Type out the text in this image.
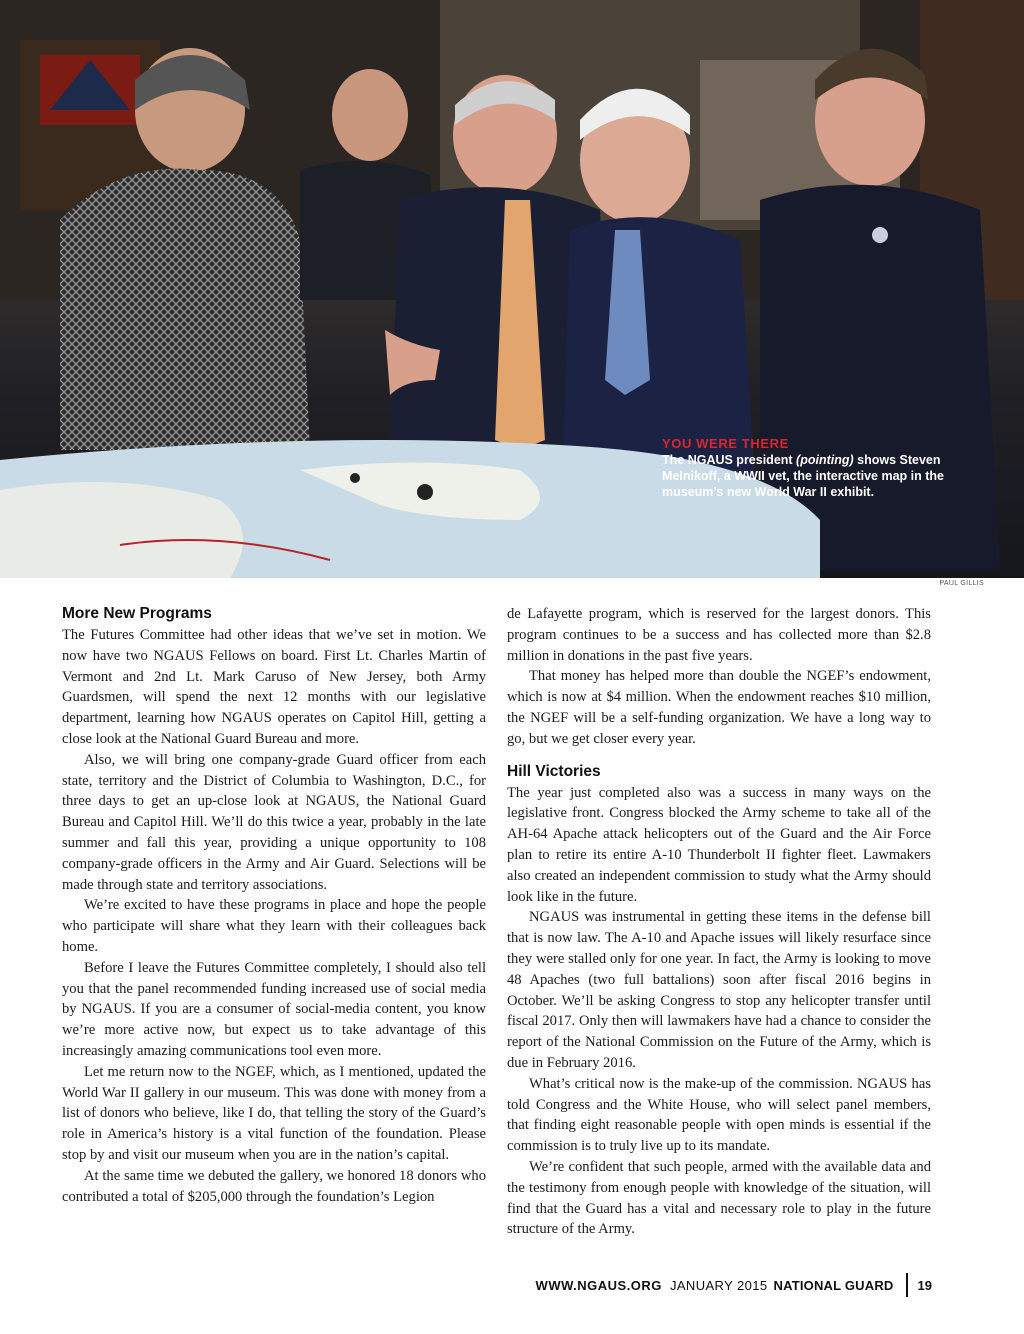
YOU WERE THERE
The NGAUS president (pointing) shows Steven Melnikoff, a WWII vet, the interactive map in the museum’s new World War II exhibit.
PAUL GILLIS
More New Programs

The Futures Committee had other ideas that we’ve set in motion. We now have two NGAUS Fellows on board. First Lt. Charles Martin of Vermont and 2nd Lt. Mark Caruso of New Jersey, both Army Guardsmen, will spend the next 12 months with our legislative department, learning how NGAUS operates on Capitol Hill, getting a close look at the National Guard Bureau and more.

Also, we will bring one company-grade Guard officer from each state, territory and the District of Columbia to Washington, D.C., for three days to get an up-close look at NGAUS, the National Guard Bureau and Capitol Hill. We’ll do this twice a year, probably in the late summer and fall this year, providing a unique opportunity to 108 company-grade officers in the Army and Air Guard. Selections will be made through state and territory associations.

We’re excited to have these programs in place and hope the people who participate will share what they learn with their colleagues back home.

Before I leave the Futures Committee completely, I should also tell you that the panel recommended funding increased use of social media by NGAUS. If you are a consumer of social-media content, you know we’re more active now, but expect us to take advantage of this increasingly amazing communications tool even more.

Let me return now to the NGEF, which, as I mentioned, updated the World War II gallery in our museum. This was done with money from a list of donors who believe, like I do, that telling the story of the Guard’s role in America’s history is a vital function of the foundation. Please stop by and visit our museum when you are in the nation’s capital.

At the same time we debuted the gallery, we honored 18 donors who contributed a total of $205,000 through the foundation’s Legion

de Lafayette program, which is reserved for the largest donors. This program continues to be a success and has collected more than $2.8 million in donations in the past five years.

That money has helped more than double the NGEF’s endowment, which is now at $4 million. When the endowment reaches $10 million, the NGEF will be a self-funding organization. We have a long way to go, but we get closer every year.

Hill Victories

The year just completed also was a success in many ways on the legislative front. Congress blocked the Army scheme to take all of the AH-64 Apache attack helicopters out of the Guard and the Air Force plan to retire its entire A-10 Thunderbolt II fighter fleet. Lawmakers also created an independent commission to study what the Army should look like in the future.

NGAUS was instrumental in getting these items in the defense bill that is now law. The A-10 and Apache issues will likely resurface since they were stalled only for one year. In fact, the Army is looking to move 48 Apaches (two full battalions) soon after fiscal 2016 begins in October. We’ll be asking Congress to stop any helicopter transfer until fiscal 2017. Only then will lawmakers have had a chance to consider the report of the National Commission on the Future of the Army, which is due in February 2016.

What’s critical now is the make-up of the commission. NGAUS has told Congress and the White House, who will select panel members, that finding eight reasonable people with open minds is essential if the commission is to truly live up to its mandate.

We’re confident that such people, armed with the available data and the testimony from enough people with knowledge of the situation, will find that the Guard has a vital and necessary role to play in the future structure of the Army.

WWW.NGAUS.ORG JANUARY 2015 NATIONAL GUARD 19
